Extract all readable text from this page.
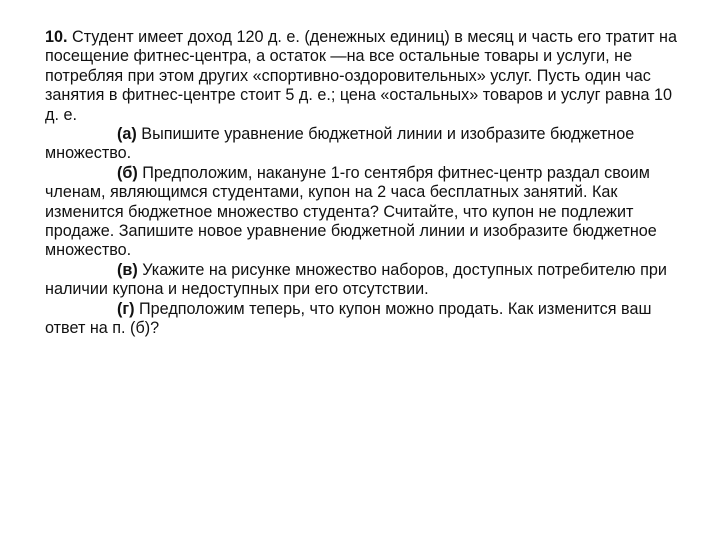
10. Студент имеет доход 120 д. е. (денежных единиц) в месяц и часть его тратит на посещение фитнес-центра, а остаток —на все остальные товары и услуги, не потребляя при этом других «спортивно-оздоровительных» услуг. Пусть один час занятия в фитнес-центре стоит 5 д. е.; цена «остальных» товаров и услуг равна 10 д. е.

(а) Выпишите уравнение бюджетной линии и изобразите бюджетное множество.

(б) Предположим, накануне 1-го сентября фитнес-центр раздал своим членам, являющимся студентами, купон на 2 часа бесплатных занятий. Как изменится бюджетное множество студента? Считайте, что купон не подлежит продаже. Запишите новое уравнение бюджетной линии и изобразите бюджетное множество.

(в) Укажите на рисунке множество наборов, доступных потребителю при наличии купона и недоступных при его отсутствии.

(г) Предположим теперь, что купон можно продать. Как изменится ваш ответ на п. (б)?
